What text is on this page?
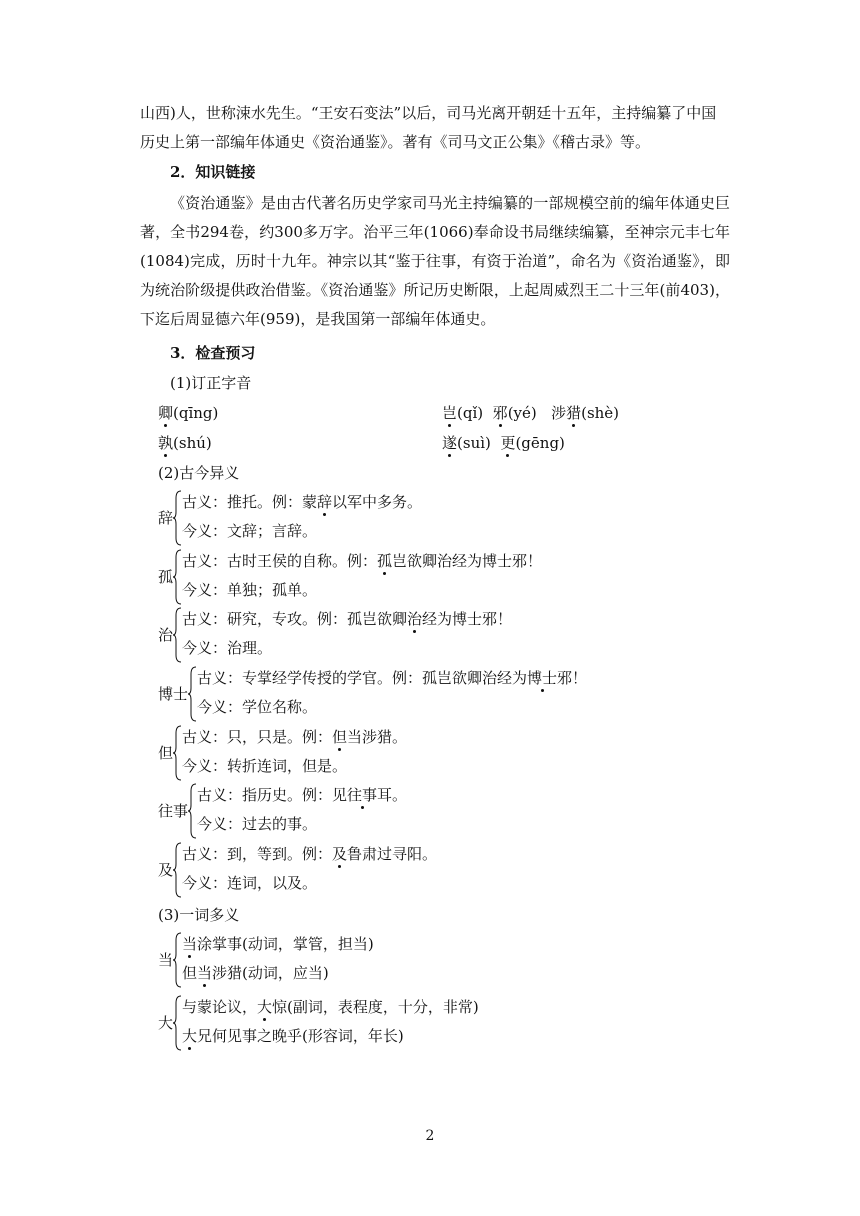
山西)人，世称涑水先生。“王安石变法”以后，司马光离开朝廷十五年，主持编纂了中国
历史上第一部编年体通史《资治通鉴》。著有《司马文正公集》《稽古录》等。
2．知识链接
《资治通鉴》是由古代著名历史学家司马光主持编纂的一部规模空前的编年体通史巨著，全书294卷，约300多万字。治平三年(1066)奉命设书局继续编纂，至神宗元丰七年(1084)完成，历时十九年。神宗以其“鉴于往事，有资于治道”，命名为《资治通鉴》，即为统治阶级提供政治借鉴。《资治通鉴》所记历史断限，上起周威烈王二十三年(前403)，下迄后周显德六年(959)，是我国第一部编年体通史。
3．检查预习
(1)订正字音
卿(qīng)	岂(qǐ) 邪(yé) 涉猎(shè)
孰(shú)	遂(suì) 更(gēng)
(2)古今异义
辞
古义：推托。例：蒙辞以军中多务。
今义：文辞；言辞。
孤
古义：古时王侯的自称。例：孤岂欲卿治经为博士邪！
今义：单独；孤单。
治
古义：研究，专攻。例：孤岂欲卿治经为博士邪！
今义：治理。
博士
古义：专掌经学传授的学官。例：孤岂欲卿治经为博士邪！
今义：学位名称。
但
古义：只，只是。例：但当涉猎。
今义：转折连词，但是。
往事
古义：指历史。例：见往事耳。
今义：过去的事。
及
古义：到，等到。例：及鲁肃过寻阳。
今义：连词，以及。
(3)一词多义
当
当涂掌事(动词，掌管，担当)
但当涉猎(动词，应当)
大
与蒙论议，大惊(副词，表程度，十分，非常)
大兄何见事之晚乎(形容词，年长)
2
